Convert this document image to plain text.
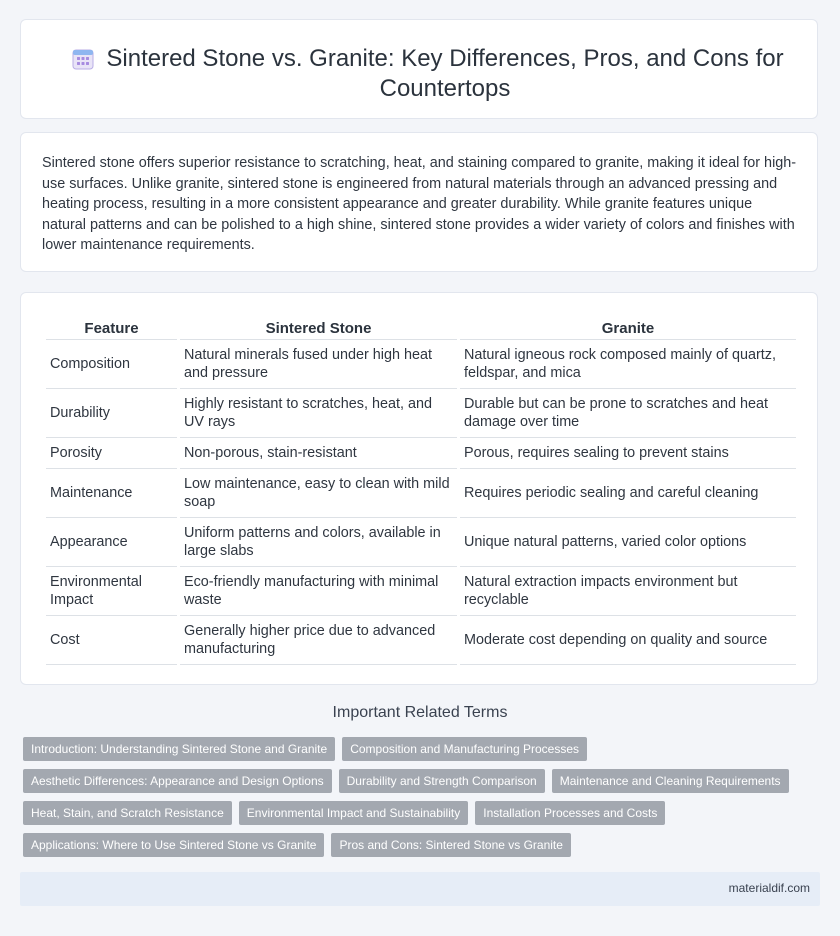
Sintered Stone vs. Granite: Key Differences, Pros, and Cons for Countertops

Sintered stone offers superior resistance to scratching, heat, and staining compared to granite, making it ideal for high-use surfaces. Unlike granite, sintered stone is engineered from natural materials through an advanced pressing and heating process, resulting in a more consistent appearance and greater durability. While granite features unique natural patterns and can be polished to a high shine, sintered stone provides a wider variety of colors and finishes with lower maintenance requirements.

Feature	Sintered Stone	Granite
Composition	Natural minerals fused under high heat and pressure	Natural igneous rock composed mainly of quartz, feldspar, and mica
Durability	Highly resistant to scratches, heat, and UV rays	Durable but can be prone to scratches and heat damage over time
Porosity	Non-porous, stain-resistant	Porous, requires sealing to prevent stains
Maintenance	Low maintenance, easy to clean with mild soap	Requires periodic sealing and careful cleaning
Appearance	Uniform patterns and colors, available in large slabs	Unique natural patterns, varied color options
Environmental Impact	Eco-friendly manufacturing with minimal waste	Natural extraction impacts environment but recyclable
Cost	Generally higher price due to advanced manufacturing	Moderate cost depending on quality and source
Important Related Terms
Introduction: Understanding Sintered Stone and Granite	Composition and Manufacturing Processes
Aesthetic Differences: Appearance and Design Options	Durability and Strength Comparison	Maintenance and Cleaning Requirements
Heat, Stain, and Scratch Resistance	Environmental Impact and Sustainability	Installation Processes and Costs
Applications: Where to Use Sintered Stone vs Granite	Pros and Cons: Sintered Stone vs Granite
materialdif.com
